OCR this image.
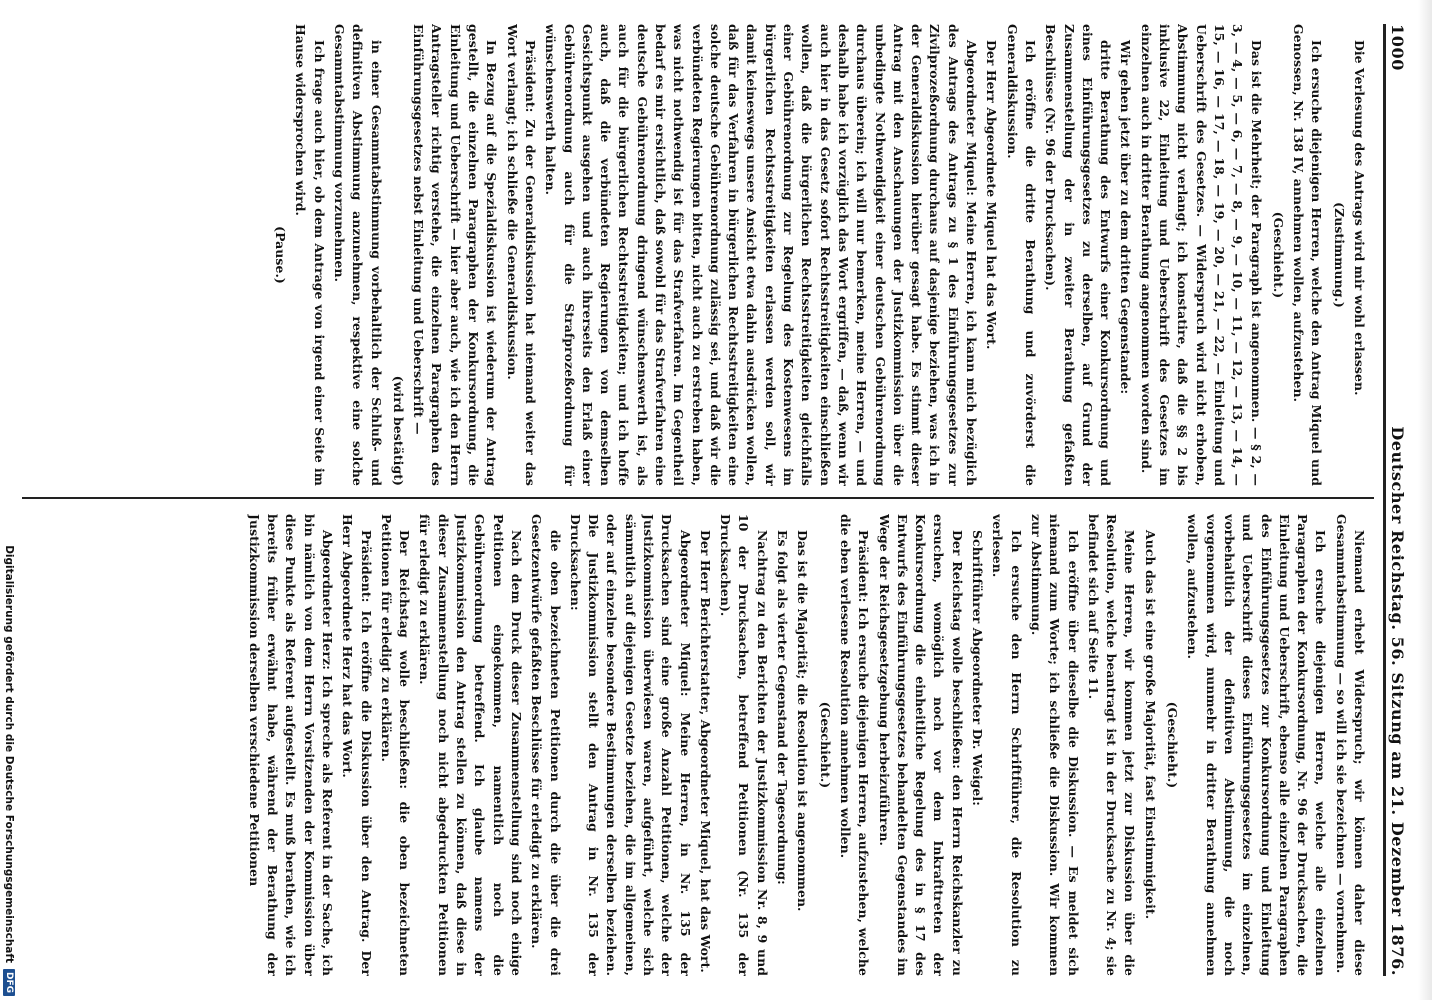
1000
Deutscher Reichstag. 56. Sitzung am 21. Dezember 1876.

Die Verlesung des Antrags wird mir wohl erlassen.

(Zustimmung.)

Ich ersuche diejenigen Herren, welche den Antrag Miquel und Genossen, Nr. 138 IV, annehmen wollen, aufzustehen.

(Geschieht.)

Das ist die Mehrheit; der Paragraph ist angenommen. — § 2, — 3, — 4, — 5, — 6, — 7, — 8, — 9, — 10, — 11, — 12, — 13, — 14, — 15, — 16, — 17, — 18, — 19, — 20, — 21, — 22, — Einleitung und Ueberschrift des Gesetzes. — Widerspruch wird nicht erhoben, Abstimmung nicht verlangt; ich konstatire, daß die §§ 2 bis inklusive 22, Einleitung und Ueberschrift des Gesetzes im einzelnen auch in dritter Berathung angenommen worden sind.

Wir gehen jetzt über zu dem dritten Gegenstande:

dritte Berathung des Entwurfs einer Konkursordnung und eines Einführungsgesetzes zu derselben, auf Grund der Zusammenstellung der in zweiter Berathung gefaßten Beschlüsse (Nr. 96 der Drucksachen).

Ich eröffne die dritte Berathung und zuvörderst die Generaldiskussion.

Der Herr Abgeordnete Miquel hat das Wort.

Abgeordneter Miquel: Meine Herren, ich kann mich bezüglich des Antrags des Antrags zu § 1 des Einführungsgesetzes zur Zivilprozeßordnung durchaus auf dasjenige beziehen, was ich in der Generaldiskussion hierüber gesagt habe. Es stimmt dieser Antrag mit den Anschauungen der Justizkommission über die unbedingte Nothwendigkeit einer deutschen Gebührenordnung durchaus überein; ich will nur bemerken, meine Herren, — und deshalb habe ich vorzüglich das Wort ergriffen, — daß, wenn wir auch hier in das Gesetz sofort Rechtsstreitigkeiten einschließen wollen, daß die bürgerlichen Rechtsstreitigkeiten gleichfalls einer Gebührenordnung zur Regelung des Kostenwesens im bürgerlichen Rechtsstreitigkeiten erlassen werden soll, wir damit keineswegs unsere Ansicht etwa dahin ausdrücken wollen, daß für das Verfahren in bürgerlichen Rechtsstreitigkeiten eine solche deutsche Gebührenordnung zulässig sei, und daß wir die verbündeten Regierungen bitten, nicht auch zu erstreben haben, was nicht nothwendig ist für das Strafverfahren. Im Gegentheil bedarf es mir ersichtlich, daß sowohl für das Strafverfahren eine deutsche Gebührenordnung dringend wünschenswerth ist, als auch für die bürgerlichen Rechtsstreitigkeiten; und ich hoffe auch, daß die verbündeten Regierungen von demselben Gesichtspunkt ausgehen und auch ihrerseits den Erlaß einer Gebührenordnung auch für die Strafprozeßordnung für wünschenswerth halten.

Präsident: Zu der Generaldiskussion hat niemand weiter das Wort verlangt; ich schließe die Generaldiskussion.

In Bezug auf die Spezialdiskussion ist wiederum der Antrag gestellt, die einzelnen Paragraphen der Konkursordnung, die Einleitung und Ueberschrift — hier aber auch, wie ich den Herrn Antragsteller richtig verstehe, die einzelnen Paragraphen des Einführungsgesetzes nebst Einleitung und Ueberschrift —

(wird bestätigt)

in einer Gesammtabstimmung vorbehaltlich der Schluß- und definitiven Abstimmung anzunehmen, respektive eine solche Gesammtabstimmung vorzunehmen.

Ich frage auch hier, ob dem Antrage von irgend einer Seite im Hause widersprochen wird.

(Pause.)

Niemand erhebt Widerspruch; wir können daher diese Gesammtabstimmung — so will ich sie bezeichnen — vornehmen.

Ich ersuche diejenigen Herren, welche alle einzelnen Paragraphen der Konkursordnung, Nr. 96 der Drucksachen, die Einleitung und Ueberschrift, ebenso alle einzelnen Paragraphen des Einführungsgesetzes zur Konkursordnung und Einleitung und Ueberschrift dieses Einführungsgesetzes im einzelnen, vorbehaltlich der definitiven Abstimmung, die noch vorgenommen wird, nunmehr in dritter Berathung annehmen wollen, aufzustehen.

(Geschieht.)

Auch das ist eine große Majorität, fast Einstimmigkeit.

Meine Herren, wir kommen jetzt zur Diskussion über die Resolution, welche beantragt ist in der Drucksache zu Nr. 4; sie befindet sich auf Seite 11.

Ich eröffne über dieselbe die Diskussion. — Es meldet sich niemand zum Worte; ich schließe die Diskussion. Wir kommen zur Abstimmung.

Ich ersuche den Herrn Schriftführer, die Resolution zu verlesen.

Schriftführer Abgeordneter Dr. Weigel:

Der Reichstag wolle beschließen: den Herrn Reichskanzler zu ersuchen, womöglich noch vor dem Inkrafttreten der Konkursordnung die einheitliche Regelung des in § 17 des Entwurfs des Einführungsgesetzes behandelten Gegenstandes im Wege der Reichsgesetzgebung herbeizuführen.

Präsident: Ich ersuche diejenigen Herren, aufzustehen, welche die eben verlesene Resolution annehmen wollen.

(Geschieht.)

Das ist die Majorität; die Resolution ist angenommen.

Es folgt als vierter Gegenstand der Tagesordnung:

Nachtrag zu den Berichten der Justizkommission Nr. 8, 9 und 10 der Drucksachen, betreffend Petitionen (Nr. 135 der Drucksachen).

Der Herr Berichterstatter, Abgeordneter Miquel, hat das Wort.

Abgeordneter Miquel: Meine Herren, in Nr. 135 der Drucksachen sind eine große Anzahl Petitionen, welche der Justizkommission überwiesen waren, aufgeführt, welche sich sämmtlich auf diejenigen Gesetze beziehen, die im allgemeinen, oder auf einzelne besondere Bestimmungen derselben beziehen. Die Justizkommission stellt den Antrag in Nr. 135 der Drucksachen:

die oben bezeichneten Petitionen durch die über die drei Gesetzentwürfe gefaßten Beschlüsse für erledigt zu erklären.

Nach dem Druck dieser Zusammenstellung sind noch einige Petitionen eingekommen, namentlich noch die Gebührenordnung betreffend. Ich glaube namens der Justizkommission den Antrag stellen zu können, daß diese in dieser Zusammenstellung noch nicht abgedruckten Petitionen für erledigt zu erklären.

Der Reichstag wolle beschließen: die oben bezeichneten Petitionen für erledigt zu erklären.

Präsident: Ich eröffne die Diskussion über den Antrag. Der Herr Abgeordnete Herz hat das Wort.

Abgeordneter Herz: Ich spreche als Referent in der Sache, ich bin nämlich von dem Herrn Vorsitzenden der Kommission über diese Punkte als Referent aufgestellt. Es muß berathen, wie ich bereits früher erwähnt habe, während der Berathung der Justizkommission derselben verschiedene Petitionen

Digitalisierung gefördert durch die Deutsche Forschungsgemeinschaft
DFG
